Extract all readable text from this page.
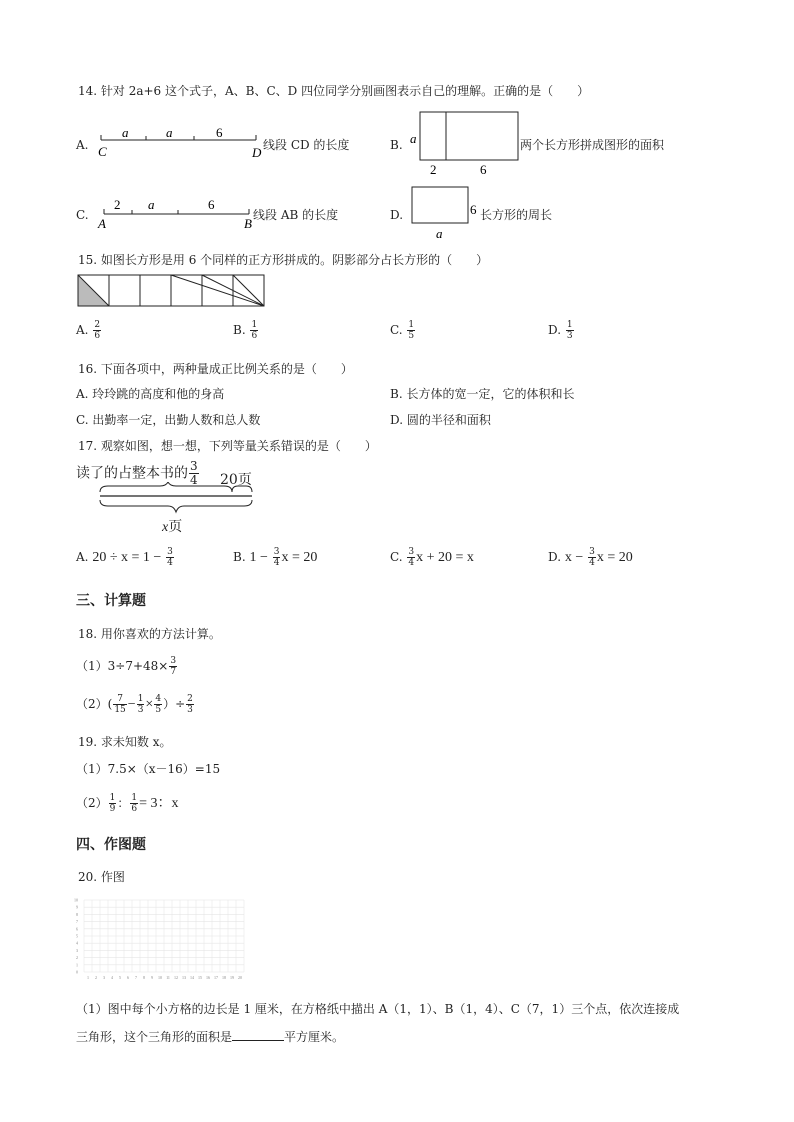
14. 针对 2a+6 这个式子，A、B、C、D 四位同学分别画图表示自己的理解。正确的是（　　）
A.
a	a	6
C	D 线段 CD 的长度	B. a
2	6
两个长方形拼成图形的面积
C.
2 a	6
A	B
线段 AB 的长度	D.	6
a
长方形的周长
15. 如图长方形是用 6 个同样的正方形拼成的。阴影部分占长方形的（　　）
A. $\frac{2}{6}$	B. $\frac{1}{6}$	C. $\frac{1}{5}$	D. $\frac{1}{3}$
16. 下面各项中，两种量成正比例关系的是（　　）
A. 玲玲跳的高度和他的身高	B. 长方体的宽一定，它的体积和长
C. 出勤率一定，出勤人数和总人数	D. 圆的半径和面积
17. 观察如图，想一想，下列等量关系错误的是（　　）
读了的占整本书的 $\frac{3}{4} 20$页
x页
A. $20 \div x = 1 - \frac{3}{4}$	B. $1 - \frac{3}{4}$ x = 20	C. $\frac{3}{4}$ x + 20 = x	D. $x - \frac{3}{4}$ x = 20
三、计算题
18. 用你喜欢的方法计算。
$(1)3\div 7+48\times \frac{3}{7}$
$(2)( \frac{7}{15} - \frac{1}{3} \times \frac{4}{5}$ ）÷ $\frac{2}{3}$
19. 求未知数 x。
（1）7.5×（x－16）=15
$(2) \frac{1}{9}$ ： $\frac{1}{6} = 3$：x
四、作图题
20. 作图
10
9
8
7
6
5
4
3
2
1
0
1 2 3 4 5 6 7 8 9 10 11 12 13 14 15 16 17 18 19 20
（1）图中每个小方格的边长是 1 厘米，在方格纸中描出 A（1，1）、B（1，4）、C（7，1）三个点，依次连接成
三角形，这个三角形的面积是	平方厘米。
